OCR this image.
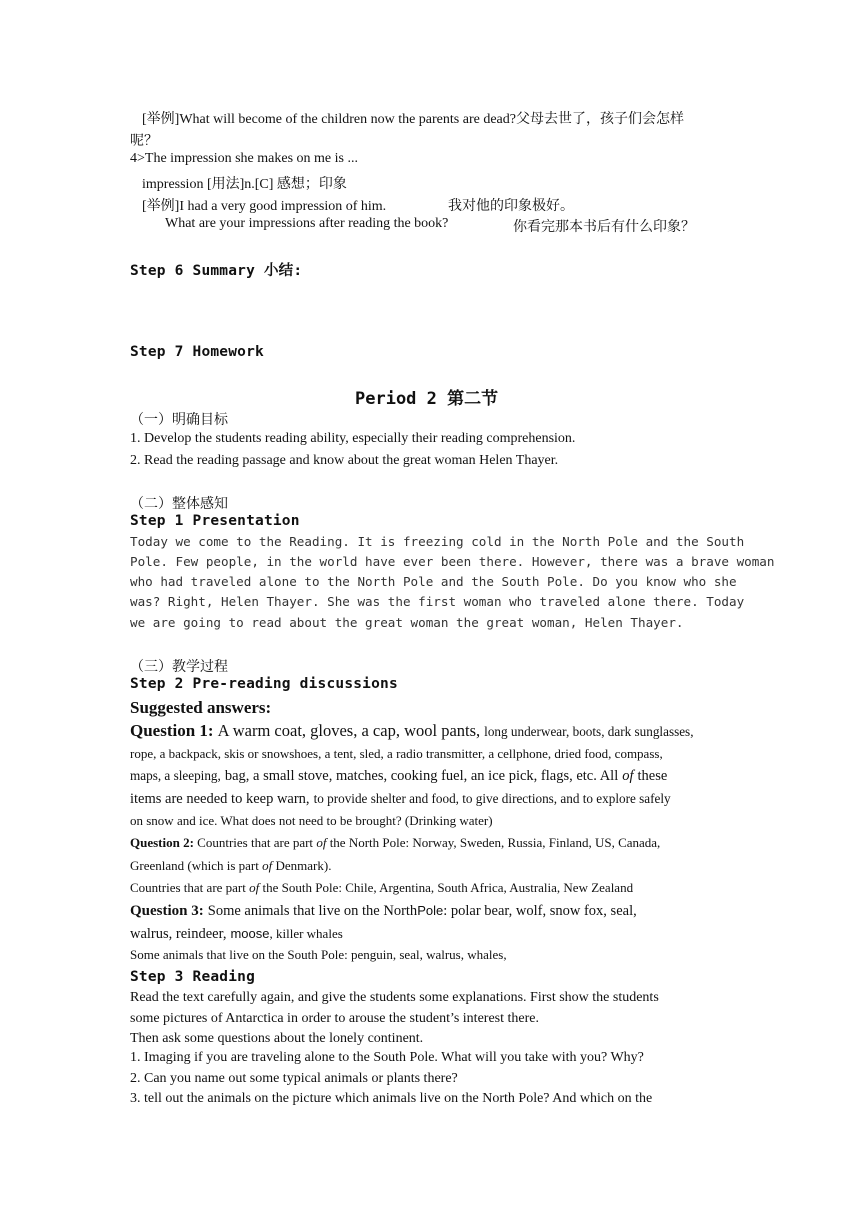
[举例]What will become of the children now the parents are dead?父母去世了，孩子们会怎样
呢？
4>The impression she makes on me is ...
impression [用法]n.[C] 感想；印象
[举例]I had a very good impression of him.	我对他的印象极好。
What are your impressions after reading the book?	你看完那本书后有什么印象？
Step 6 Summary 小结:
Step 7 Homework
Period 2 第二节
（一）明确目标
1. Develop the students reading ability, especially their reading comprehension.
2. Read the reading passage and know about the great woman Helen Thayer.
（二）整体感知
Step 1 Presentation
Today we come to the Reading. It is freezing cold in the North Pole and the South
Pole. Few people, in the world have ever been there. However, there was a brave woman
who had traveled alone to the North Pole and the South Pole. Do you know who she
was? Right, Helen Thayer. She was the first woman who traveled alone there. Today
we are going to read about the great woman the great woman, Helen Thayer.
（三）教学过程
Step 2 Pre-reading discussions
Suggested answers:
Question 1: A warm coat, gloves, a cap, wool pants, long underwear, boots, dark sunglasses,
rope, a backpack, skis or snowshoes, a tent, sled, a radio transmitter, a cellphone, dried food, compass,
maps, a sleeping, bag, a small stove, matches, cooking fuel, an ice pick, flags, etc. All of these
items are needed to keep warn, to provide shelter and food, to give directions, and to explore safely
on snow and ice. What does not need to be brought? (Drinking water)
Question 2: Countries that are part of the North Pole: Norway, Sweden, Russia, Finland, US, Canada,
Greenland (which is part of Denmark).
Countries that are part of the South Pole: Chile, Argentina, South Africa, Australia, New Zealand
Question 3: Some animals that live on the NorthPole: polar bear, wolf, snow fox, seal,
walrus, reindeer, moose, killer whales
Some animals that live on the South Pole: penguin, seal, walrus, whales,
Step 3 Reading
Read the text carefully again, and give the students some explanations. First show the students
some pictures of Antarctica in order to arouse the student’s interest there.
Then ask some questions about the lonely continent.
1. Imaging if you are traveling alone to the South Pole. What will you take with you? Why?
2. Can you name out some typical animals or plants there?
3. tell out the animals on the picture which animals live on the North Pole? And which on the
